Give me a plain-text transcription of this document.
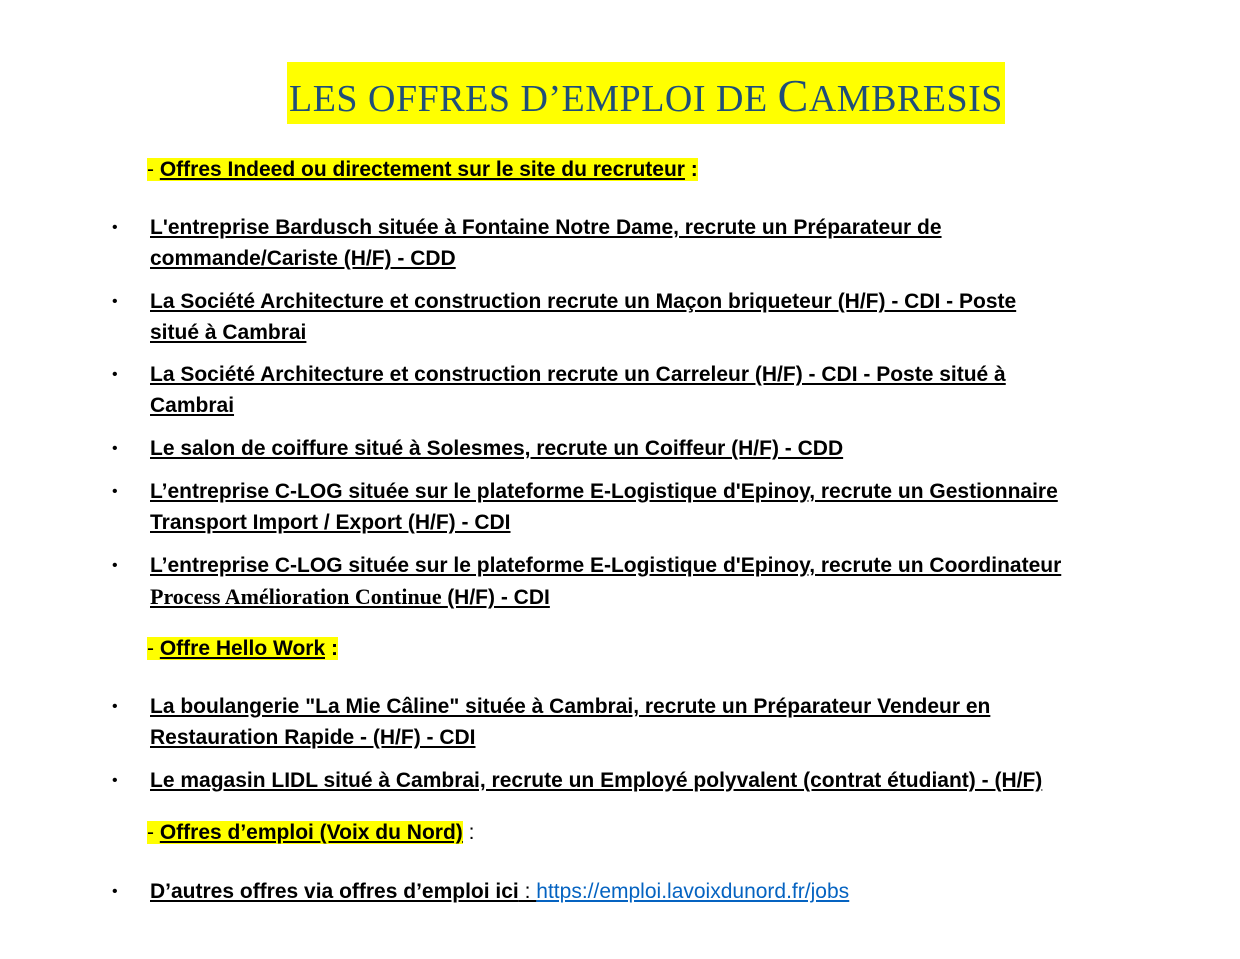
LES OFFRES D’EMPLOI DE CAMBRESIS
- Offres Indeed ou directement sur le site du recruteur :
•	L'entreprise Bardusch située à Fontaine Notre Dame, recrute un Préparateur de
commande/Cariste (H/F) - CDD
•	La Société Architecture et construction recrute un Maçon briqueteur (H/F) - CDI - Poste
situé à Cambrai
•	La Société Architecture et construction recrute un Carreleur (H/F) - CDI - Poste situé à
Cambrai
•	Le salon de coiffure situé à Solesmes, recrute un Coiffeur (H/F) - CDD
•	L’entreprise C-LOG située sur le plateforme E-Logistique d'Epinoy, recrute un Gestionnaire
Transport Import / Export (H/F) - CDI
•	L’entreprise C-LOG située sur le plateforme E-Logistique d'Epinoy, recrute un Coordinateur
Process Amélioration Continue (H/F) - CDI
- Offre Hello Work :
•	La boulangerie "La Mie Câline" située à Cambrai, recrute un Préparateur Vendeur en
Restauration Rapide - (H/F) - CDI
•	Le magasin LIDL situé à Cambrai, recrute un Employé polyvalent (contrat étudiant) - (H/F)
- Offres d’emploi (Voix du Nord) :
•	D’autres offres via offres d’emploi ici : https://emploi.lavoixdunord.fr/jobs
